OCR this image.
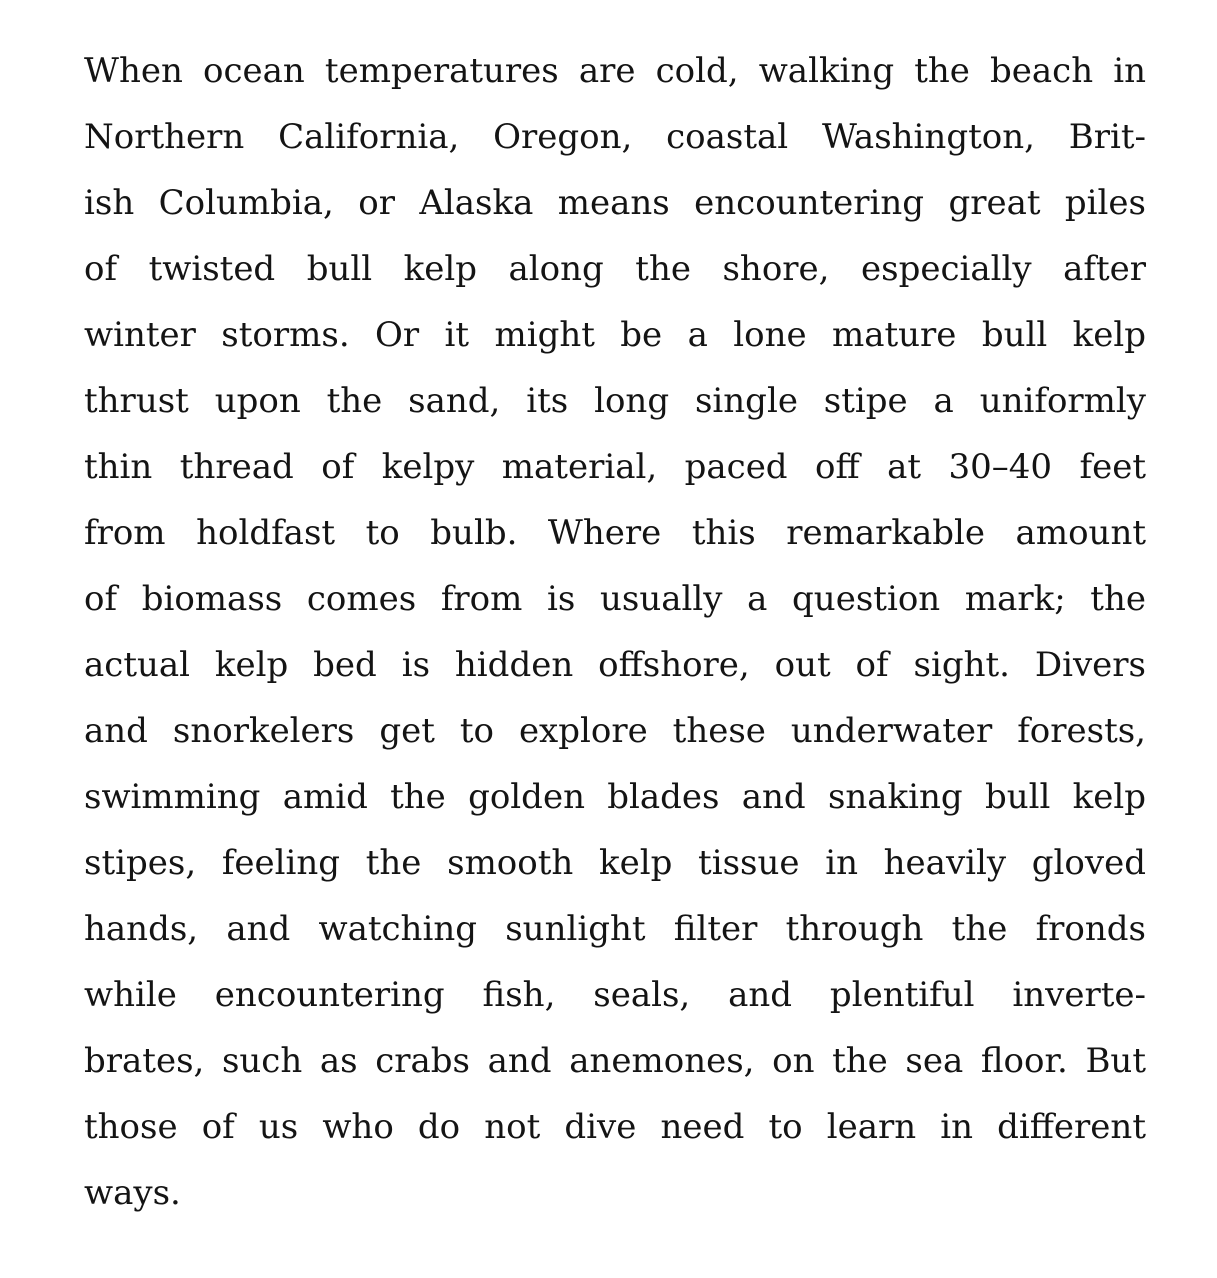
When ocean temperatures are cold, walking the beach in
Northern California, Oregon, coastal Washington, Brit-
ish Columbia, or Alaska means encountering great piles
of twisted bull kelp along the shore, especially after
winter storms. Or it might be a lone mature bull kelp
thrust upon the sand, its long single stipe a uniformly
thin thread of kelpy material, paced off at 30–40 feet
from holdfast to bulb. Where this remarkable amount
of biomass comes from is usually a question mark; the
actual kelp bed is hidden offshore, out of sight. Divers
and snorkelers get to explore these underwater forests,
swimming amid the golden blades and snaking bull kelp
stipes, feeling the smooth kelp tissue in heavily gloved
hands, and watching sunlight filter through the fronds
while encountering fish, seals, and plentiful inverte-
brates, such as crabs and anemones, on the sea floor. But
those of us who do not dive need to learn in different
ways.
